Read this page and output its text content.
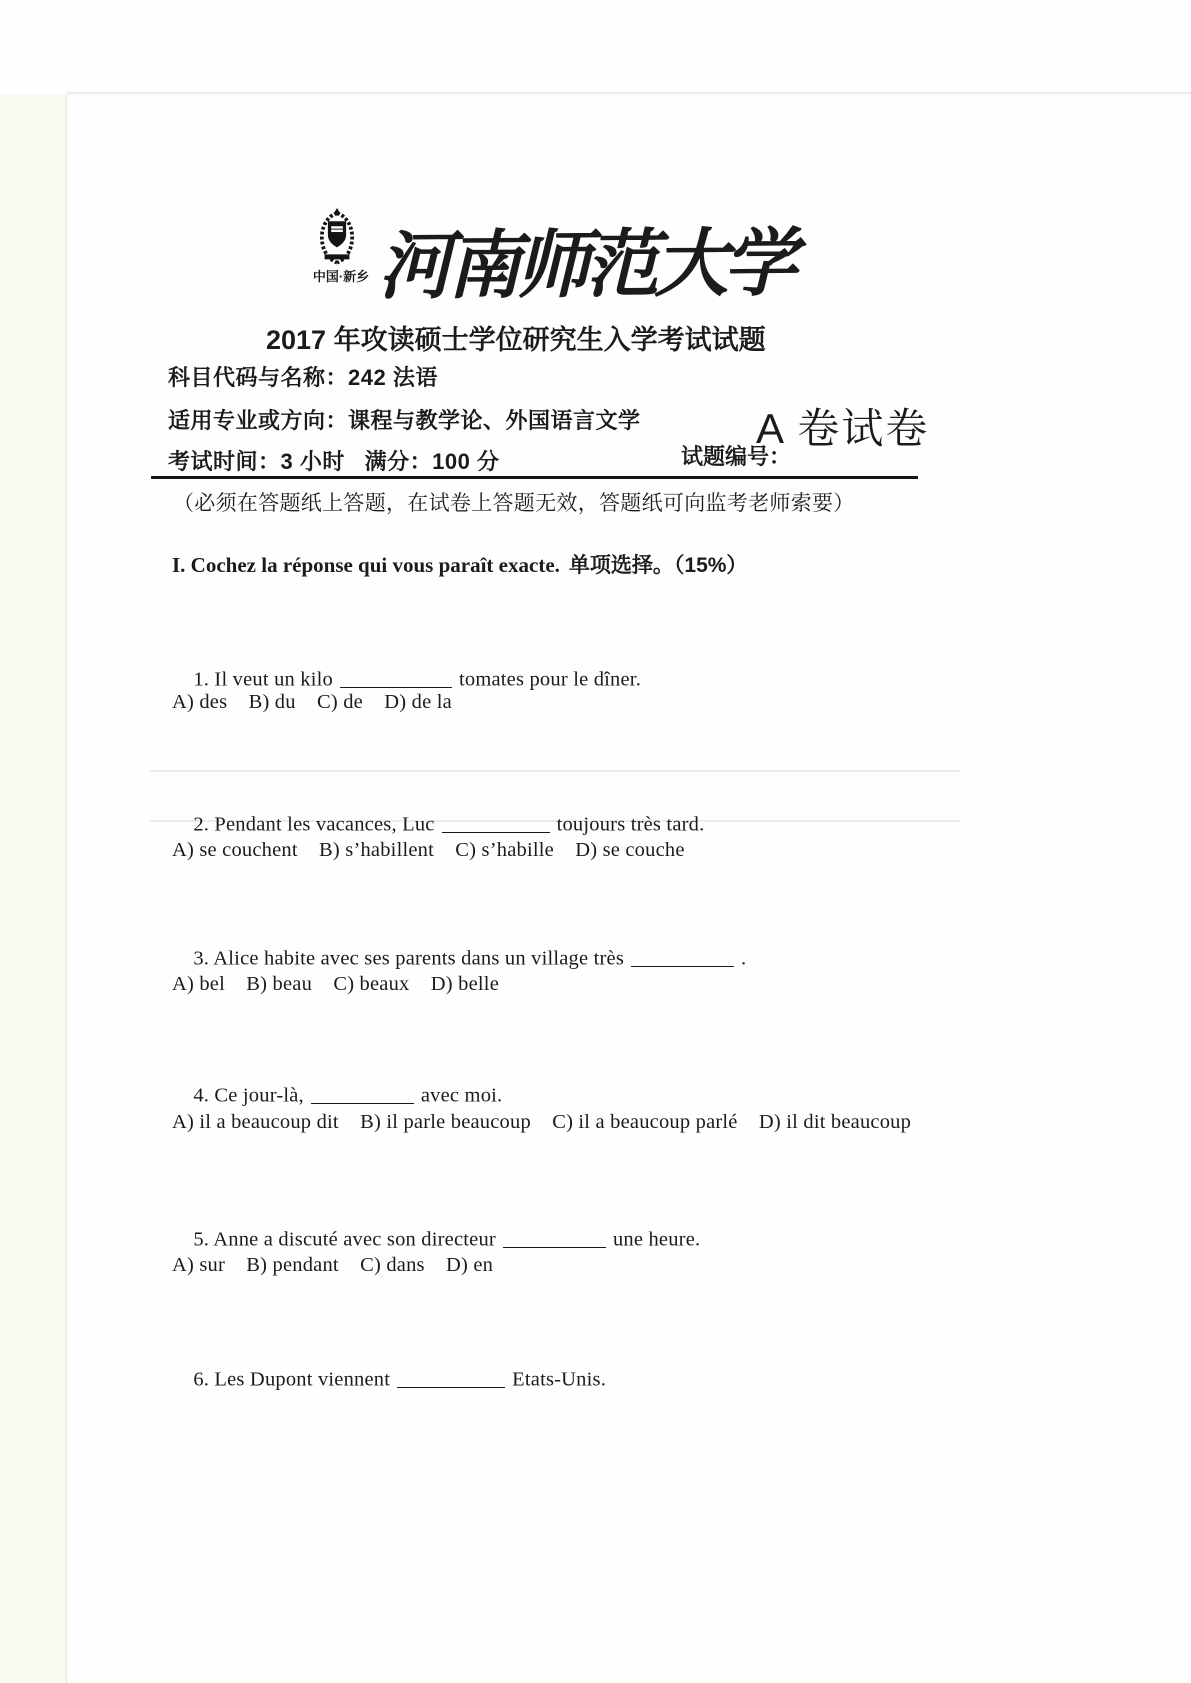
中国·新乡 河南师范大学
2017 年攻读硕士学位研究生入学考试试题
科目代码与名称：242 法语
适用专业或方向：课程与教学论、外国语言文学
考试时间：3 小时   满分：100 分	试题编号：
A 卷试卷
（必须在答题纸上答题，在试卷上答题无效，答题纸可向监考老师索要）
I. Cochez la réponse qui vous paraît exacte. 单项选择。（15%）

1. Il veut un kilo	tomates pour le dîner.

A) des    B) du    C) de    D) de la

2. Pendant les vacances, Luc	toujours très tard.

A) se couchent    B) s’habillent    C) s’habille    D) se couche

3. Alice habite avec ses parents dans un village très	.

A) bel    B) beau    C) beaux    D) belle

4. Ce jour-là,	avec moi.

A) il a beaucoup dit    B) il parle beaucoup    C) il a beaucoup parlé    D) il dit beaucoup

5. Anne a discuté avec son directeur	une heure.

A) sur    B) pendant    C) dans    D) en

6. Les Dupont viennent	Etats-Unis.
